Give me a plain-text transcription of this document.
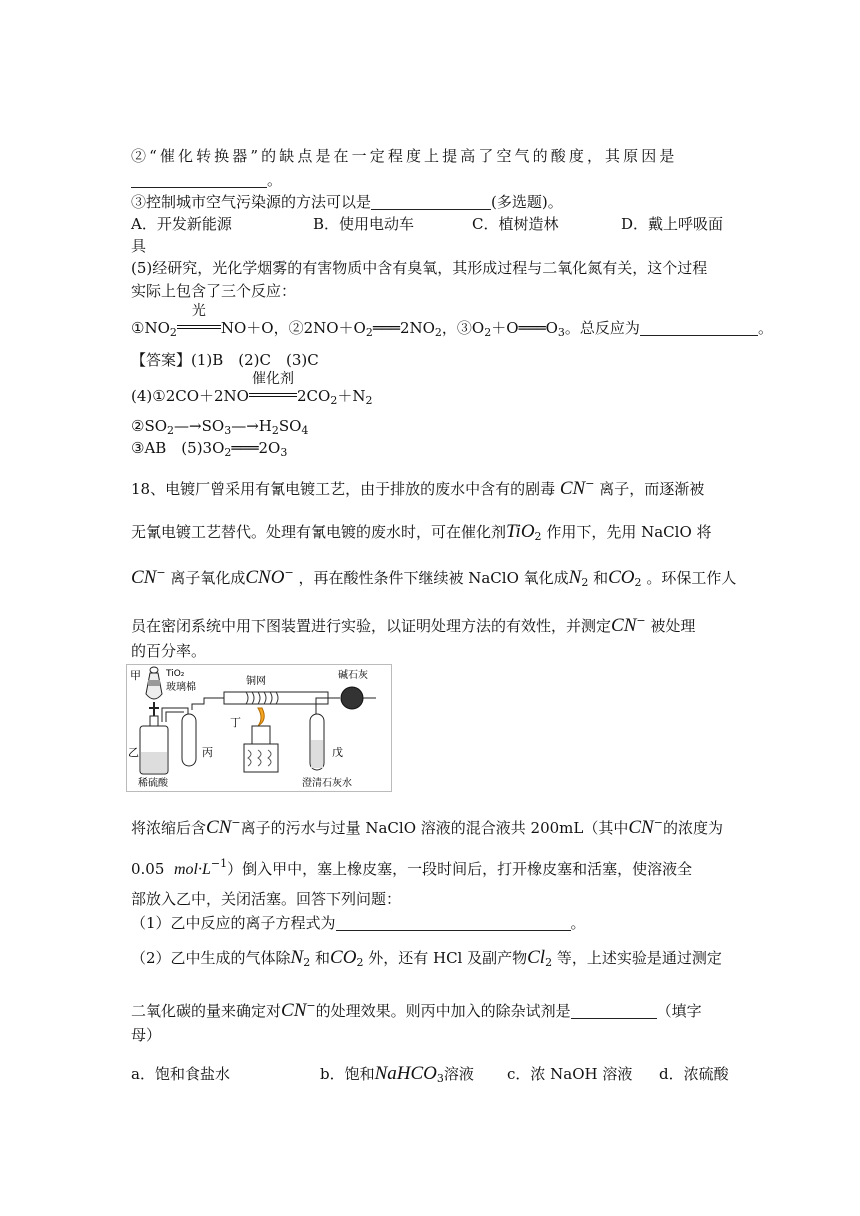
②“催化转换器”的缺点是在一定程度上提高了空气的酸度，其原因是
。
③控制城市空气污染源的方法可以是	(多选题)。
A．开发新能源	B．使用电动车	C．植树造林	D．戴上呼吸面
具
(5)经研究，光化学烟雾的有害物质中含有臭氧，其形成过程与二氧化氮有关，这个过程
实际上包含了三个反应：
$①NO_2$
光
NO＋O，$②2NO+O_2═══2NO_2$，$③O_2+O═══O_3$。总反应为	。
【答案】(1)B　(2)C　(3)C
(4)①2CO＋2NO
催化剂
$2CO_2+N_2$
$②SO_2—\to SO_3—\to H_2SO_4$
③AB　$(5)3O_2═══2O_3$
18、电镀厂曾采用有氰电镀工艺，由于排放的废水中含有的剧毒 CN− 离子，而逐渐被
无氰电镀工艺替代。处理有氰电镀的废水时，可在催化剂TiO$_2$ 作用下，先用 NaClO 将
CN− 离子氧化成CNO− ，再在酸性条件下继续被 NaClO 氧化成$N_2$ 和$CO_2$ 。环保工作人
员在密闭系统中用下图装置进行实验，以证明处理方法的有效性，并测定CN− 被处理
的百分率。
甲	TiO₂
玻璃棉
乙
稀硫酸
丙
铜网
丁
戊
澄清石灰水
碱石灰
将浓缩后含CN−离子的污水与过量 NaClO 溶液的混合液共 200mL（其中CN−的浓度为
0.05 $mol\cdot L^{-1}$）倒入甲中，塞上橡皮塞，一段时间后，打开橡皮塞和活塞，使溶液全
部放入乙中，关闭活塞。回答下列问题：
（1）乙中反应的离子方程式为	。
（2）乙中生成的气体除$N_2$ 和$CO_2$ 外，还有 HCl 及副产物$Cl_2$ 等，上述实验是通过测定
二氧化碳的量来确定对CN−的处理效果。则丙中加入的除杂试剂是	（填字
母）
a．饱和食盐水	b．饱和NaHCO$_3$溶液 c．浓 NaOH 溶液 d．浓硫酸
